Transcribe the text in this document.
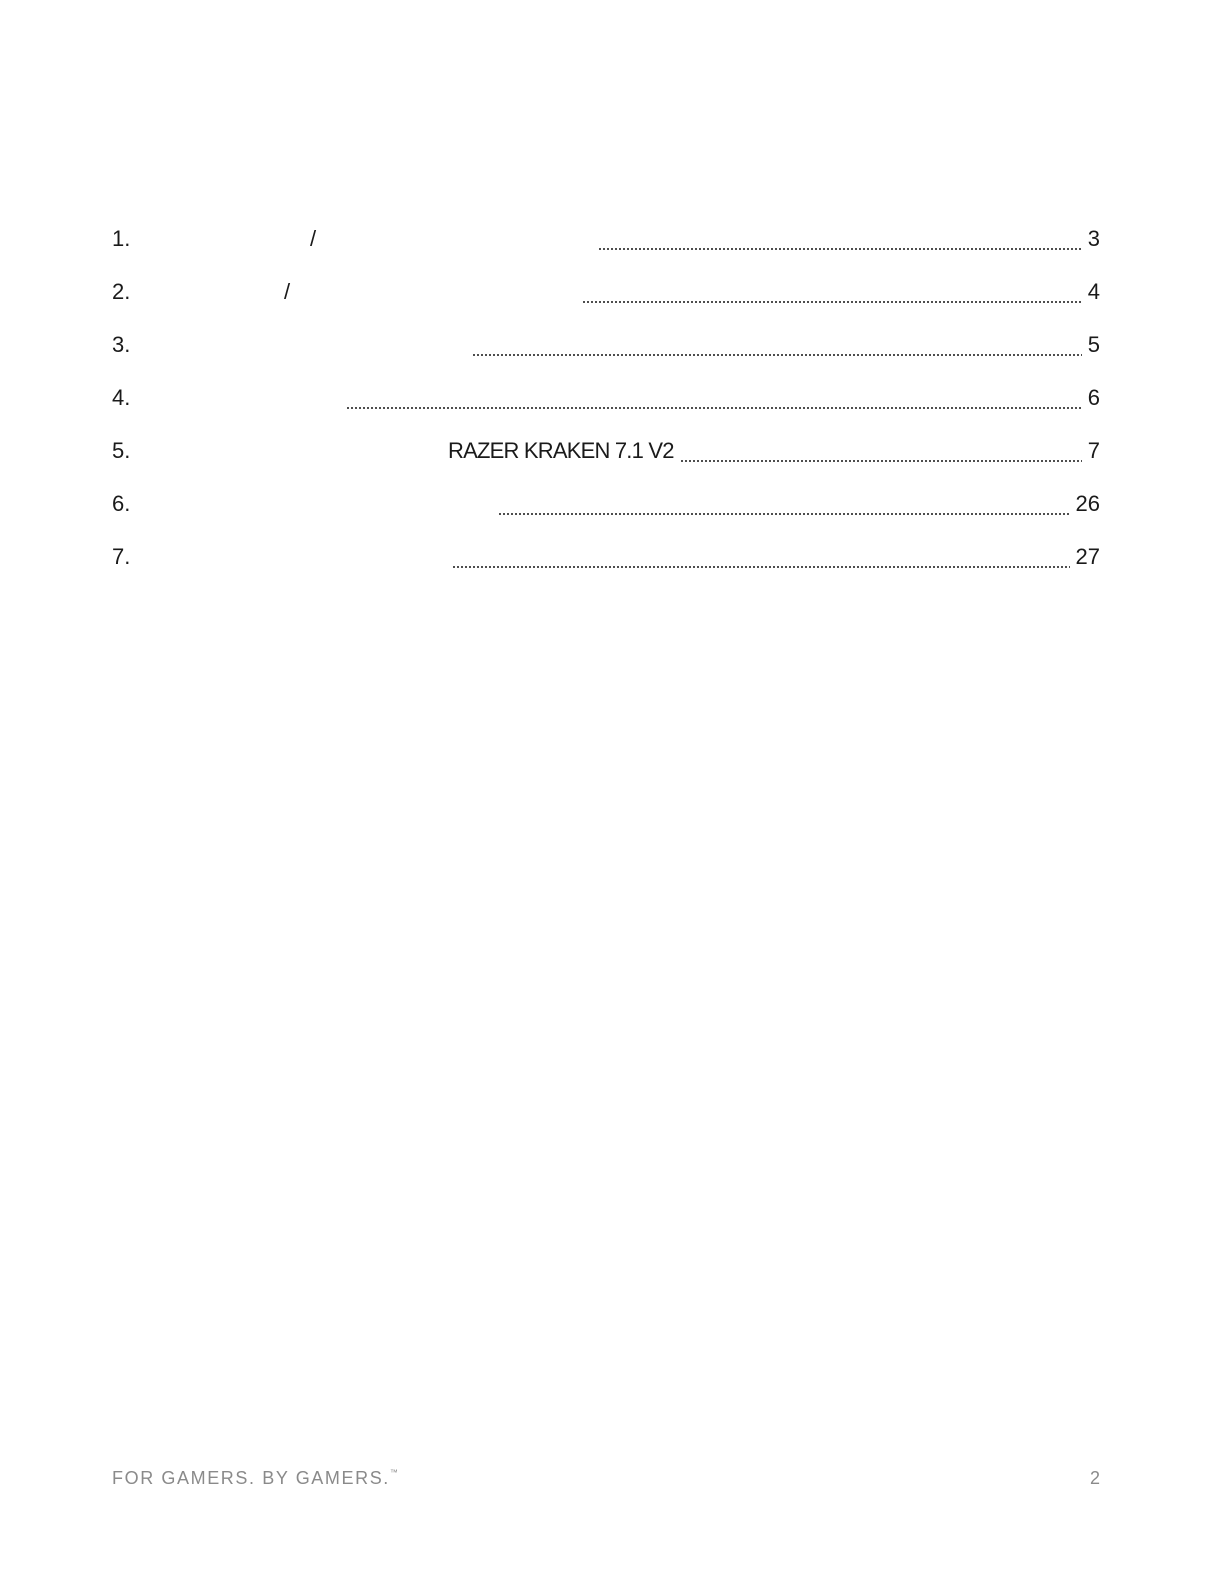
1.	/	3
2.	/	4
3.	5
4.	6
5.	RAZER KRAKEN 7.1 V2	7
6.	26
7.	27
FOR GAMERS. BY GAMERS.™	2
